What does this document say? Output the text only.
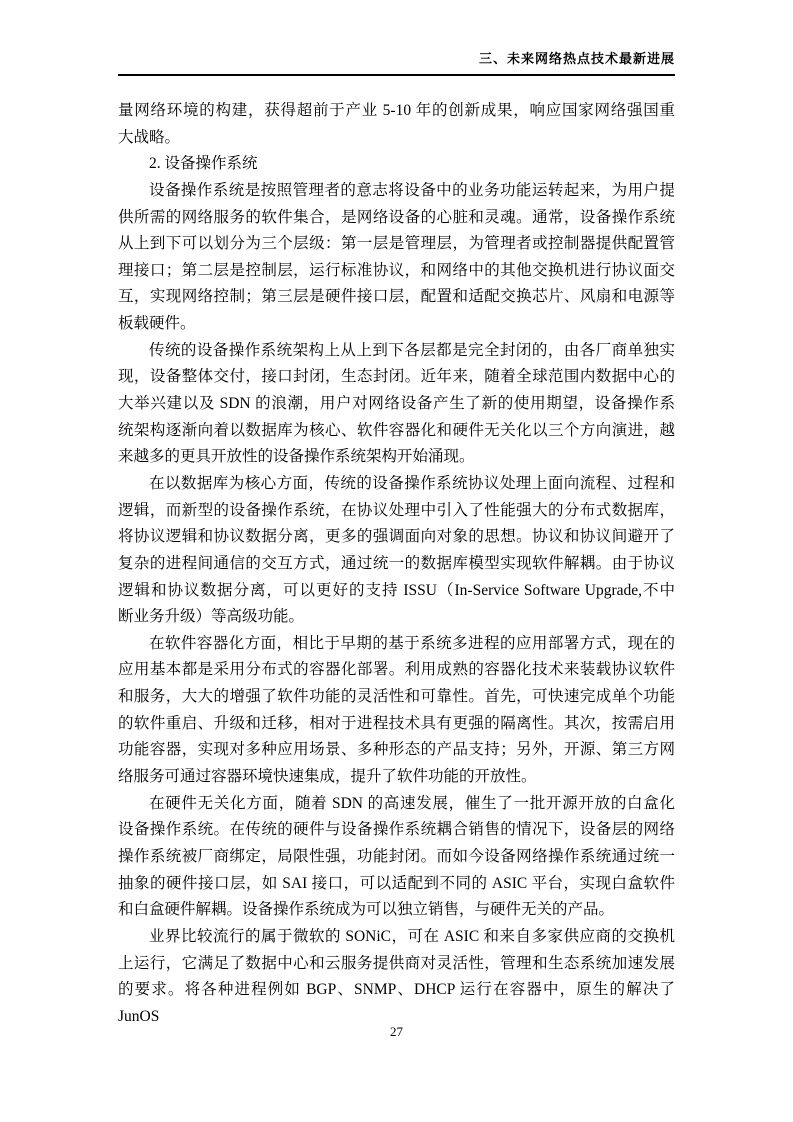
三、未来网络热点技术最新进展
量网络环境的构建，获得超前于产业 5-10 年的创新成果，响应国家网络强国重
大战略。
2. 设备操作系统
设备操作系统是按照管理者的意志将设备中的业务功能运转起来，为用户提
供所需的网络服务的软件集合，是网络设备的心脏和灵魂。通常，设备操作系统
从上到下可以划分为三个层级：第一层是管理层，为管理者或控制器提供配置管
理接口；第二层是控制层，运行标准协议，和网络中的其他交换机进行协议面交
互，实现网络控制；第三层是硬件接口层，配置和适配交换芯片、风扇和电源等
板载硬件。
传统的设备操作系统架构上从上到下各层都是完全封闭的，由各厂商单独实
现，设备整体交付，接口封闭，生态封闭。近年来，随着全球范围内数据中心的
大举兴建以及 SDN 的浪潮，用户对网络设备产生了新的使用期望，设备操作系
统架构逐渐向着以数据库为核心、软件容器化和硬件无关化以三个方向演进，越
来越多的更具开放性的设备操作系统架构开始涌现。
在以数据库为核心方面，传统的设备操作系统协议处理上面向流程、过程和
逻辑，而新型的设备操作系统，在协议处理中引入了性能强大的分布式数据库，
将协议逻辑和协议数据分离，更多的强调面向对象的思想。协议和协议间避开了
复杂的进程间通信的交互方式，通过统一的数据库模型实现软件解耦。由于协议
逻辑和协议数据分离，可以更好的支持 ISSU（In-Service Software Upgrade,不中
断业务升级）等高级功能。
在软件容器化方面，相比于早期的基于系统多进程的应用部署方式，现在的
应用基本都是采用分布式的容器化部署。利用成熟的容器化技术来装载协议软件
和服务，大大的增强了软件功能的灵活性和可靠性。首先，可快速完成单个功能
的软件重启、升级和迁移，相对于进程技术具有更强的隔离性。其次，按需启用
功能容器，实现对多种应用场景、多种形态的产品支持；另外，开源、第三方网
络服务可通过容器环境快速集成，提升了软件功能的开放性。
在硬件无关化方面，随着 SDN 的高速发展，催生了一批开源开放的白盒化
设备操作系统。在传统的硬件与设备操作系统耦合销售的情况下，设备层的网络
操作系统被厂商绑定，局限性强，功能封闭。而如今设备网络操作系统通过统一
抽象的硬件接口层，如 SAI 接口，可以适配到不同的 ASIC 平台，实现白盒软件
和白盒硬件解耦。设备操作系统成为可以独立销售，与硬件无关的产品。
业界比较流行的属于微软的 SONiC，可在 ASIC 和来自多家供应商的交换机
上运行，它满足了数据中心和云服务提供商对灵活性，管理和生态系统加速发展
的要求。将各种进程例如 BGP、SNMP、DHCP 运行在容器中，原生的解决了 JunOS
27
